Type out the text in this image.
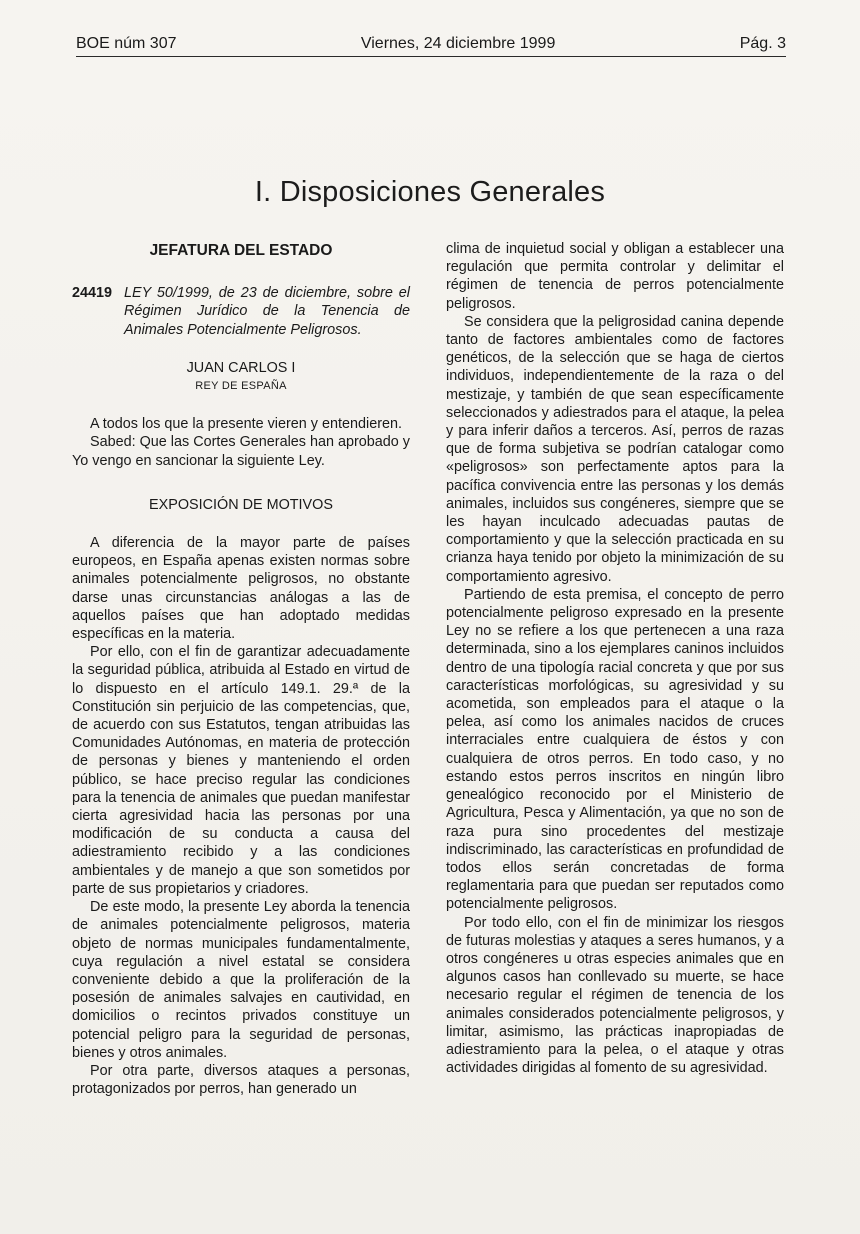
BOE núm 307	Viernes, 24 diciembre 1999	Pág. 3
I. Disposiciones Generales
JEFATURA DEL ESTADO
24419 LEY 50/1999, de 23 de diciembre, sobre el Régimen Jurídico de la Tenencia de Animales Potencialmente Peligrosos.
JUAN CARLOS I
REY DE ESPAÑA

A todos los que la presente vieren y entendieren.

Sabed: Que las Cortes Generales han aprobado y Yo vengo en sancionar la siguiente Ley.

EXPOSICIÓN DE MOTIVOS

A diferencia de la mayor parte de países europeos, en España apenas existen normas sobre animales potencialmente peligrosos, no obstante darse unas circunstancias análogas a las de aquellos países que han adoptado medidas específicas en la materia.

Por ello, con el fin de garantizar adecuadamente la seguridad pública, atribuida al Estado en virtud de lo dispuesto en el artículo 149.1. 29.ª de la Constitución sin perjuicio de las competencias, que, de acuerdo con sus Estatutos, tengan atribuidas las Comunidades Autónomas, en materia de protección de personas y bienes y manteniendo el orden público, se hace preciso regular las condiciones para la tenencia de animales que puedan manifestar cierta agresividad hacia las personas por una modificación de su conducta a causa del adiestramiento recibido y a las condiciones ambientales y de manejo a que son sometidos por parte de sus propietarios y criadores.

De este modo, la presente Ley aborda la tenencia de animales potencialmente peligrosos, materia objeto de normas municipales fundamentalmente, cuya regulación a nivel estatal se considera conveniente debido a que la proliferación de la posesión de animales salvajes en cautividad, en domicilios o recintos privados constituye un potencial peligro para la seguridad de personas, bienes y otros animales.

Por otra parte, diversos ataques a personas, protagonizados por perros, han generado un

clima de inquietud social y obligan a establecer una regulación que permita controlar y delimitar el régimen de tenencia de perros potencialmente peligrosos.

Se considera que la peligrosidad canina depende tanto de factores ambientales como de factores genéticos, de la selección que se haga de ciertos individuos, independientemente de la raza o del mestizaje, y también de que sean específicamente seleccionados y adiestrados para el ataque, la pelea y para inferir daños a terceros. Así, perros de razas que de forma subjetiva se podrían catalogar como «peligrosos» son perfectamente aptos para la pacífica convivencia entre las personas y los demás animales, incluidos sus congéneres, siempre que se les hayan inculcado adecuadas pautas de comportamiento y que la selección practicada en su crianza haya tenido por objeto la minimización de su comportamiento agresivo.

Partiendo de esta premisa, el concepto de perro potencialmente peligroso expresado en la presente Ley no se refiere a los que pertenecen a una raza determinada, sino a los ejemplares caninos incluidos dentro de una tipología racial concreta y que por sus características morfológicas, su agresividad y su acometida, son empleados para el ataque o la pelea, así como los animales nacidos de cruces interraciales entre cualquiera de éstos y con cualquiera de otros perros. En todo caso, y no estando estos perros inscritos en ningún libro genealógico reconocido por el Ministerio de Agricultura, Pesca y Alimentación, ya que no son de raza pura sino procedentes del mestizaje indiscriminado, las características en profundidad de todos ellos serán concretadas de forma reglamentaria para que puedan ser reputados como potencialmente peligrosos.

Por todo ello, con el fin de minimizar los riesgos de futuras molestias y ataques a seres humanos, y a otros congéneres u otras especies animales que en algunos casos han conllevado su muerte, se hace necesario regular el régimen de tenencia de los animales considerados potencialmente peligrosos, y limitar, asimismo, las prácticas inapropiadas de adiestramiento para la pelea, o el ataque y otras actividades dirigidas al fomento de su agresividad.
